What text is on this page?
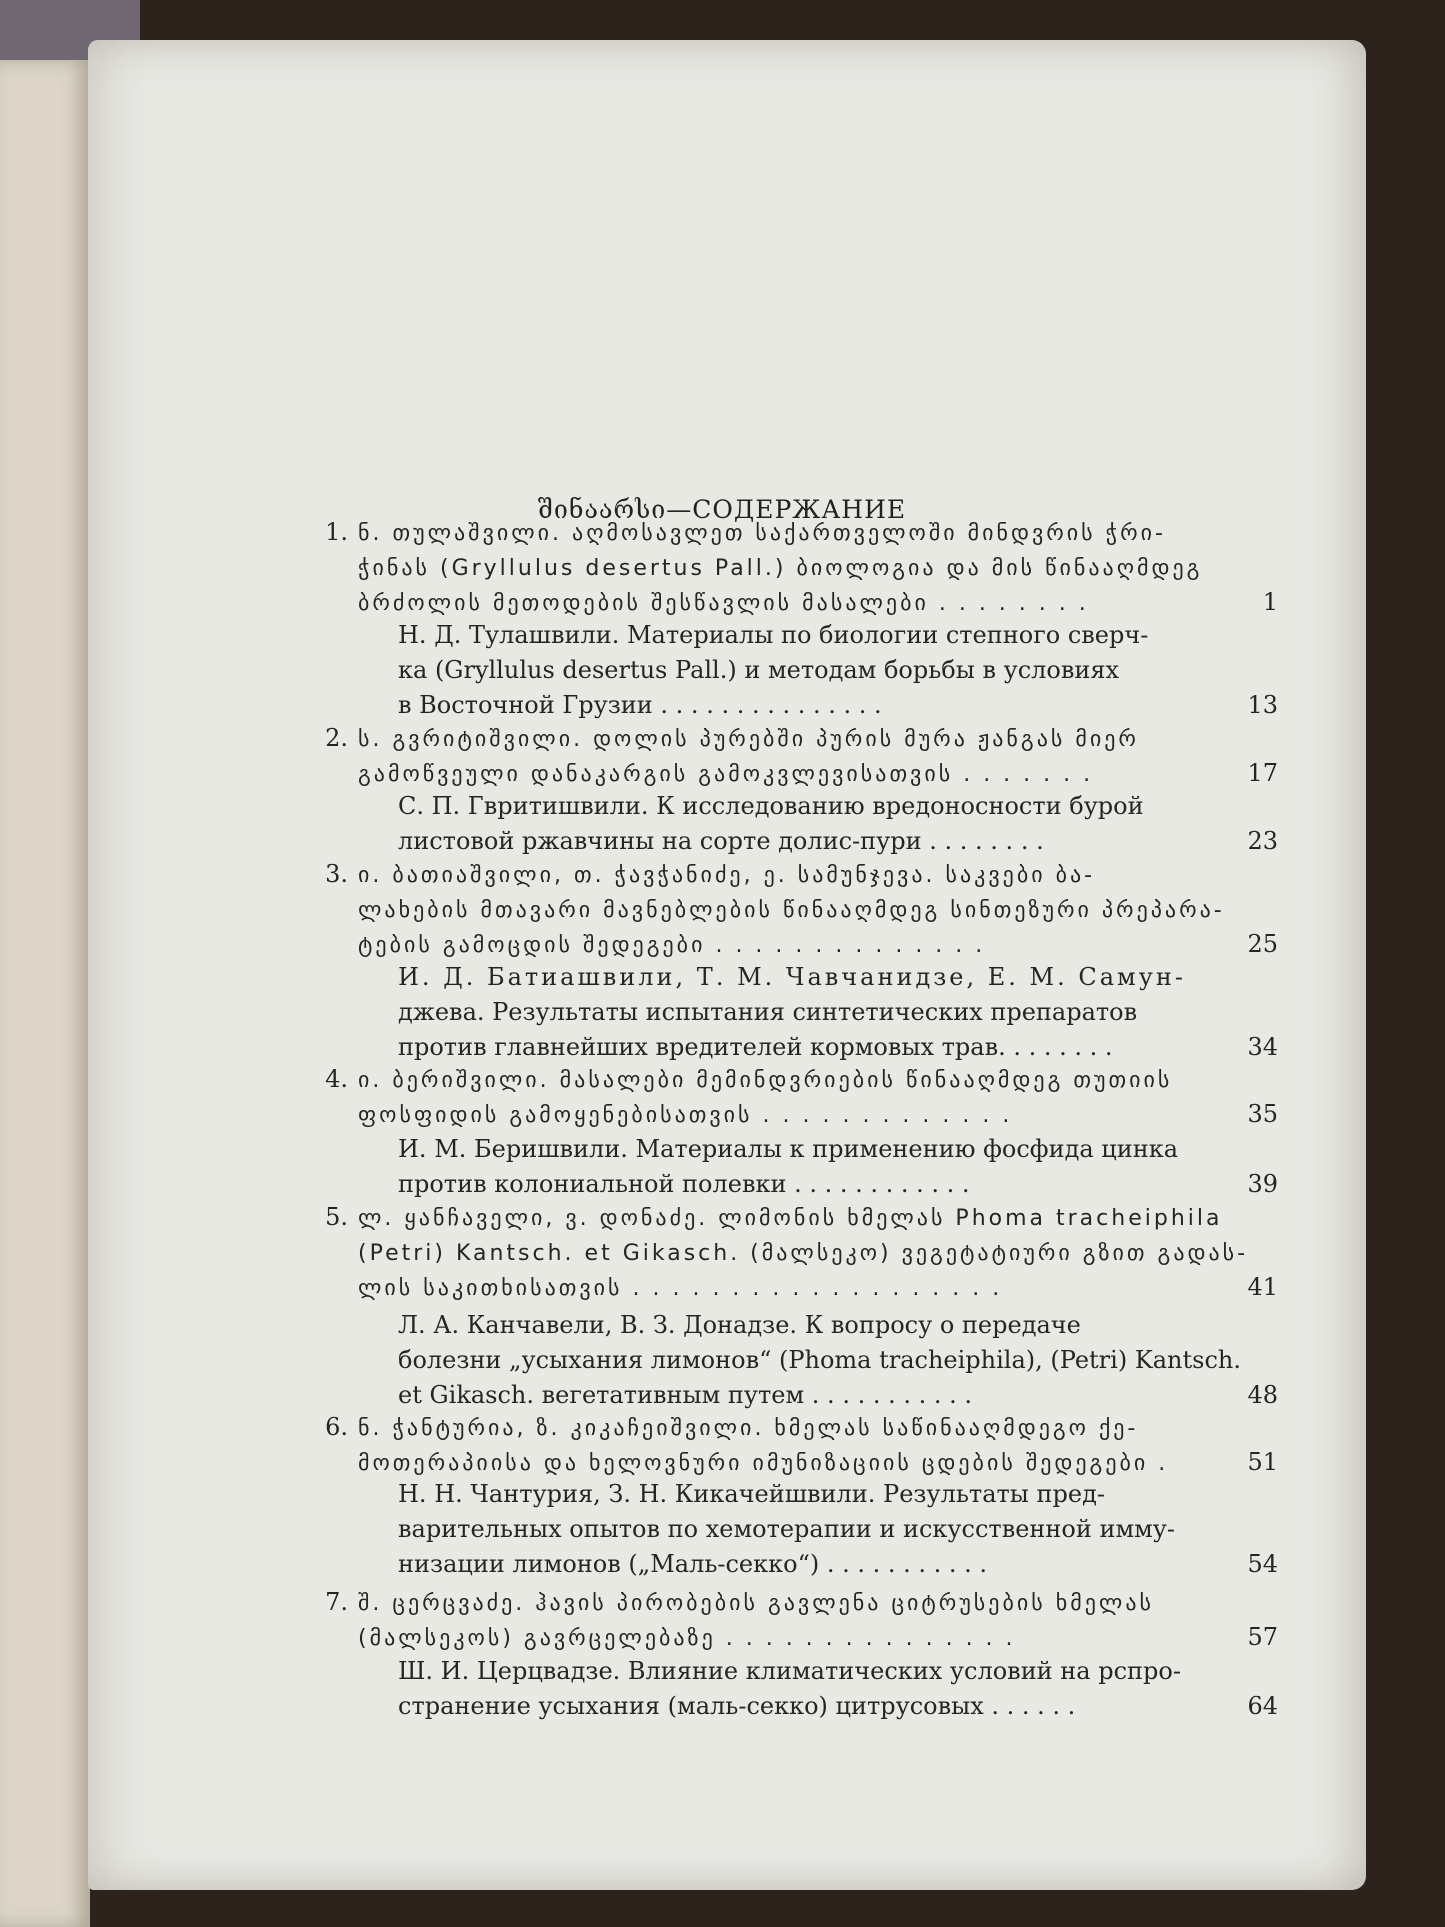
შინაარსი—СОДЕРЖАНИЕ
1. ნ. თულაშვილი. აღმოსავლეთ საქართველოში მინდვრის ჭრი-
ჭინას (Gryllulus desertus Pall.) ბიოლოგია და მის წინააღმდეგ
ბრძოლის მეთოდების შესწავლის მასალები . . . . . . . .	1
Н. Д. Тулашвили. Материалы по биологии степного сверч-
ка (Gryllulus desertus Pall.) и методам борьбы в условиях
в Восточной Грузии . . . . . . . . . . . . . . .	13
2. ს. გვრიტიშვილი. დოლის პურებში პურის მურა ჟანგას მიერ
გამოწვეული დანაკარგის გამოკვლევისათვის . . . . . . .	17
С. П. Гвритишвили. К исследованию вредоносности бурой
листовой ржавчины на сорте долис-пури . . . . . . . .	23
3. ი. ბათიაშვილი, თ. ჭავჭანიძე, ე. სამუნჯევა. საკვები ბა-
ლახების მთავარი მავნებლების წინააღმდეგ სინთეზური პრეპარა-
ტების გამოცდის შედეგები . . . . . . . . . . . . . .	25
И. Д. Батиашвили, Т. М. Чавчанидзе, Е. М. Самун-
джева. Результаты испытания синтетических препаратов
против главнейших вредителей кормовых трав. . . . . . . .	34
4. ი. ბერიშვილი. მასალები მემინდვრიების წინააღმდეგ თუთიის
ფოსფიდის გამოყენებისათვის . . . . . . . . . . . . .	35
И. М. Беришвили. Материалы к применению фосфида цинка
против колониальной полевки . . . . . . . . . . . .	39
5. ლ. ყანჩაველი, ვ. დონაძე. ლიმონის ხმელას Phoma tracheiphila
(Petri) Kantsch. et Gikasch. (მალსეკო) ვეგეტატიური გზით გადას-
ლის საკითხისათვის . . . . . . . . . . . . . . . . . . .	41
Л. А. Канчавели, В. З. Донадзе. К вопросу о передаче
болезни „усыхания лимонов“ (Phoma tracheiphila), (Petri) Kantsch.
et Gikasch. вегетативным путем . . . . . . . . . . .	48
6. ნ. ჭანტურია, ზ. კიკაჩეიშვილი. ხმელას საწინააღმდეგო ქე-
მოთერაპიისა და ხელოვნური იმუნიზაციის ცდების შედეგები .	51
Н. Н. Чантурия, З. Н. Кикачейшвили. Результаты пред-
варительных опытов по хемотерапии и искусственной имму-
низации лимонов („Маль-секко“) . . . . . . . . . . .	54
7. შ. ცერცვაძე. ჰავის პირობების გავლენა ციტრუსების ხმელას
(მალსეკოს) გავრცელებაზე . . . . . . . . . . . . . . .	57
Ш. И. Церцвадзе. Влияние климатических условий на рспро-
странение усыхания (маль-секко) цитрусовых . . . . . .	64
